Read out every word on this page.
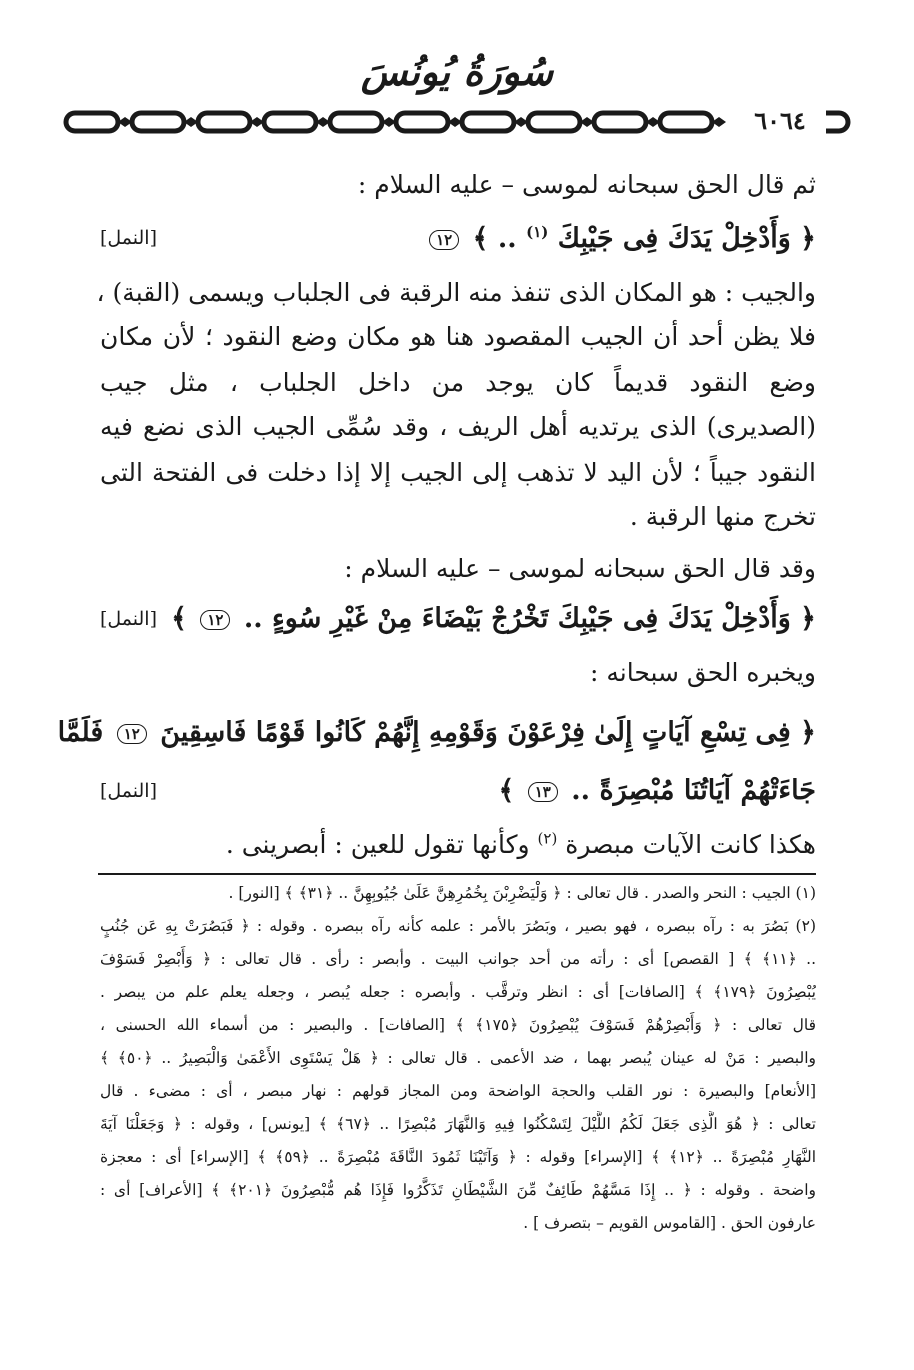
سُورَةُ يُونُسَ
٦٠٦٤
ثم قال الحق سبحانه لموسى – عليه السلام :
﴿ وَأَدْخِلْ يَدَكَ فِى جَيْبِكَ $^{(١)}$ .. ﴾ ١٢
[النمل]
والجيب : هو المكان الذى تنفذ منه الرقبة فى الجلباب ويسمى (القبة) ،
فلا يظن أحد أن الجيب المقصود هنا هو مكان وضع النقود ؛ لأن مكان
وضع النقود قديماً كان يوجد من داخل الجلباب ، مثل جيب
(الصديرى) الذى يرتديه أهل الريف ، وقد سُمِّى الجيب الذى نضع فيه
النقود جيباً ؛ لأن اليد لا تذهب إلى الجيب إلا إذا دخلت فى الفتحة التى
تخرج منها الرقبة .
وقد قال الحق سبحانه لموسى – عليه السلام :
﴿ وَأَدْخِلْ يَدَكَ فِى جَيْبِكَ تَخْرُجْ بَيْضَاءَ مِنْ غَيْرِ سُوءٍ .. ١٢ ﴾
[النمل]
ويخبره الحق سبحانه :
﴿ فِى تِسْعِ آيَاتٍ إِلَىٰ فِرْعَوْنَ وَقَوْمِهِ إِنَّهُمْ كَانُوا قَوْمًا فَاسِقِينَ ١٢ فَلَمَّا
جَاءَتْهُمْ آيَاتُنَا مُبْصِرَةً .. ١٣ ﴾
[النمل]
هكذا كانت الآيات مبصرة $^{(٢)}$ وكأنها تقول للعين : أبصرينى .
(١) الجيب : النحر والصدر . قال تعالى : ﴿ وَلْيَضْرِبْنَ بِخُمُرِهِنَّ عَلَىٰ جُيُوبِهِنَّ .. ﴿٣١﴾ ﴾ [النور] .
(٢) بَصُرَ به : رآه ببصره ، فهو بصير ، وبَصُرَ بالأمر : علمه كأنه رآه ببصره . وقوله : ﴿ فَبَصُرَتْ بِهِ عَن جُنُبٍ
.. ﴿١١﴾ ﴾ [ القصص] أى : رأته من أحد جوانب البيت . وأبصر : رأى . قال تعالى : ﴿ وَأَبْصِرْ فَسَوْفَ
يُبْصِرُونَ ﴿١٧٩﴾ ﴾ [الصافات] أى : انظر وترقَّب . وأبصره : جعله يُبصر ، وجعله يعلم علم من يبصر .
قال تعالى : ﴿ وَأَبْصِرْهُمْ فَسَوْفَ يُبْصِرُونَ ﴿١٧٥﴾ ﴾ [الصافات] . والبصير : من أسماء الله الحسنى ،
والبصير : مَنْ له عينان يُبصر بهما ، ضد الأعمى . قال تعالى : ﴿ هَلْ يَسْتَوِى الأَعْمَىٰ وَالْبَصِيرُ .. ﴿٥٠﴾ ﴾
[الأنعام] والبصيرة : نور القلب والحجة الواضحة ومن المجاز قولهم : نهار مبصر ، أى : مضىء . قال
تعالى : ﴿ هُوَ الَّذِى جَعَلَ لَكُمُ اللَّيْلَ لِتَسْكُنُوا فِيهِ وَالنَّهَارَ مُبْصِرًا .. ﴿٦٧﴾ ﴾ [يونس] ، وقوله : ﴿ وَجَعَلْنَا آيَةَ
النَّهَارِ مُبْصِرَةً .. ﴿١٢﴾ ﴾ [الإسراء] وقوله : ﴿ وَآتَيْنَا ثَمُودَ النَّاقَةَ مُبْصِرَةً .. ﴿٥٩﴾ ﴾ [الإسراء] أى : معجزة
واضحة . وقوله : ﴿ .. إِذَا مَسَّهُمْ طَائِفٌ مِّنَ الشَّيْطَانِ تَذَكَّرُوا فَإِذَا هُم مُّبْصِرُونَ ﴿٢٠١﴾ ﴾ [الأعراف] أى :
عارفون الحق . [القاموس القويم – بتصرف ] .
